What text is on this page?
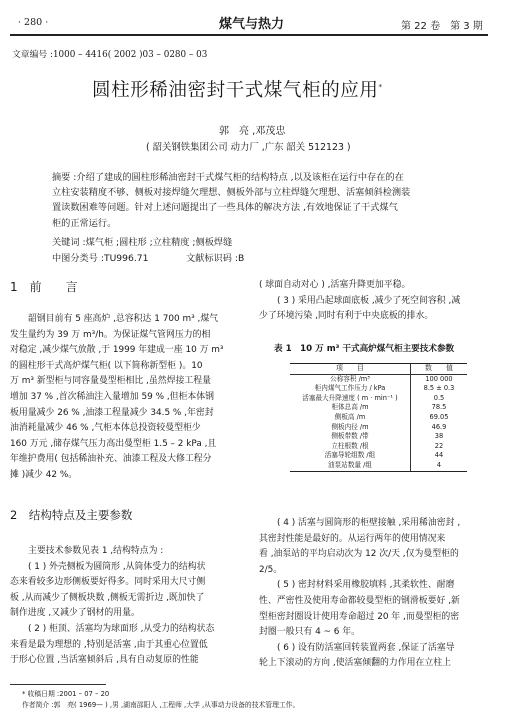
· 280 ·	煤气与热力	第 22 卷　第 3 期
文章编号 :1000 – 4416( 2002 )03 – 0280 – 03
圆柱形稀油密封干式煤气柜的应用*
郭　亮 ,邓茂忠
( 韶关钢铁集团公司 动力厂 ,广东 韶关 512123 )

摘要 :介绍了建成的圆柱形稀油密封干式煤气柜的结构特点 ,以及该柜在运行中存在的在

立柱安装精度不够、侧板对接焊缝欠理想、侧板外部与立柱焊缝欠理想、活塞倾斜检测装

置读数困难等问题。针对上述问题提出了一些具体的解决方法 ,有效地保证了干式煤气

柜的正常运行。

关键词 :煤气柜 ;圆柱形 ;立柱精度 ;侧板焊缝
中图分类号 :TU996.71	文献标识码 :B
1　前　　言

韶钢目前有 5 座高炉 ,总容积达 1 700 m³ ,煤气

发生量约为 39 万 m³/h。为保证煤气管网压力的相

对稳定 ,减少煤气放散 ,于 1999 年建成一座 10 万 m³

的圆柱形干式高炉煤气柜( 以下简称新型柜 )。10

万 m³ 新型柜与同容量曼型柜相比 ,虽然焊接工程量

增加 37 % ,首次稀油注入量增加 59 % ,但柜本体钢

板用量减少 26 % ,油漆工程量减少 34.5 % ,年密封

油消耗量减少 46 % ,气柜本体总投资较曼型柜少

160 万元 ,储存煤气压力高出曼型柜 1.5 – 2 kPa ,且

年维护费用( 包括稀油补充、油漆工程及大修工程分

摊 )减少 42 %。

2　结构特点及主要参数

主要技术参数见表 1 ,结构特点为 :

( 1 ) 外壳侧板为圆筒形 ,从筒体受力的结构状

态来看较多边形侧板要好得多。同时采用大尺寸侧

板 ,从而减少了侧板块数 ,侧板无需折边 ,既加快了

制作进度 ,又减少了钢材的用量。

( 2 ) 柜顶、活塞均为球面形 ,从受力的结构状态

来看是最为理想的 ,特别是活塞 ,由于其重心位置低

于形心位置 ,当活塞倾斜后 ,具有自动复原的性能

( 球面自动对心 ) ,活塞升降更加平稳。

( 3 ) 采用凸起球面底板 ,减少了死空间容积 ,减

少了环境污染 ,同时有利于中央底板的排水。

表 1　10 万 m³ 干式高炉煤气柜主要技术参数
项　　目	数　　值
公称容积 /m³	100 000
柜内煤气工作压力 / kPa	8.5 ± 0.3
活塞最大升降速度 ( m · min⁻¹ )	0.5
柜体总高 /m	78.5
侧板高 /m	69.05
侧板内径 /m	46.9
侧板带数 /带	38
立柱根数 /根	22
活塞导轮组数 /组	44
油泵站数量 /组	4

( 4 ) 活塞与圆筒形的柜壁接触 ,采用稀油密封 ,

其密封性能是最好的。从运行两年的使用情况来

看 ,油泵站的平均启动次为 12 次/天 ,仅为曼型柜的

2/5。

( 5 ) 密封材料采用橡胶填料 ,其柔软性、耐磨

性、严密性及使用寿命都较曼型柜的钢滑板要好 ,新

型柜密封圈设计使用寿命超过 20 年 ,而曼型柜的密

封圈一般只有 4 ~ 6 年。

( 6 ) 设有防活塞回转装置两套 ,保证了活塞导

轮上下滚动的方向 ,使活塞倾翻的力作用在立柱上

* 收稿日期 :2001 – 07 – 20
作者简介 :郭　亮( 1969— ) ,男 ,湖南邵阳人 ,工程师 ,大学 ,从事动力设备的技术管理工作。
